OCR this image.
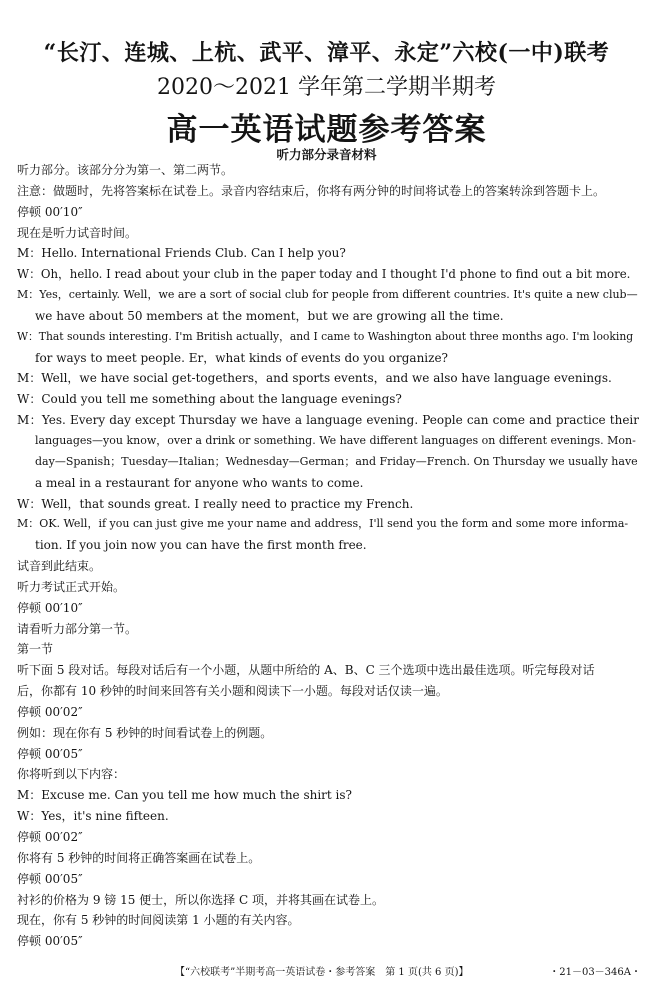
“长汀、连城、上杭、武平、漳平、永定”六校(一中)联考
2020～2021 学年第二学期半期考
高一英语试题参考答案
听力部分录音材料
听力部分。该部分分为第一、第二两节。
注意：做题时，先将答案标在试卷上。录音内容结束后，你将有两分钟的时间将试卷上的答案转涂到答题卡上。
停顿 00′10″
现在是听力试音时间。
M：Hello. International Friends Club. Can I help you?
W：Oh，hello. I read about your club in the paper today and I thought I'd phone to find out a bit more.
M：Yes，certainly. Well，we are a sort of social club for people from different countries. It's quite a new club—
we have about 50 members at the moment，but we are growing all the time.
W：That sounds interesting. I'm British actually，and I came to Washington about three months ago. I'm looking
for ways to meet people. Er，what kinds of events do you organize?
M：Well，we have social get-togethers，and sports events，and we also have language evenings.
W：Could you tell me something about the language evenings?
M：Yes. Every day except Thursday we have a language evening. People can come and practice their
languages—you know，over a drink or something. We have different languages on different evenings. Mon-
day—Spanish；Tuesday—Italian；Wednesday—German；and Friday—French. On Thursday we usually have
a meal in a restaurant for anyone who wants to come.
W：Well，that sounds great. I really need to practice my French.
M：OK. Well，if you can just give me your name and address，I'll send you the form and some more informa-
tion. If you join now you can have the first month free.
试音到此结束。
听力考试正式开始。
停顿 00′10″
请看听力部分第一节。
第一节
听下面 5 段对话。每段对话后有一个小题，从题中所给的 A、B、C 三个选项中选出最佳选项。听完每段对话
后，你都有 10 秒钟的时间来回答有关小题和阅读下一小题。每段对话仅读一遍。
停顿 00′02″
例如：现在你有 5 秒钟的时间看试卷上的例题。
停顿 00′05″
你将听到以下内容：
M：Excuse me. Can you tell me how much the shirt is?
W：Yes，it's nine fifteen.
停顿 00′02″
你将有 5 秒钟的时间将正确答案画在试卷上。
停顿 00′05″
衬衫的价格为 9 镑 15 便士，所以你选择 C 项，并将其画在试卷上。
现在，你有 5 秒钟的时间阅读第 1 小题的有关内容。
停顿 00′05″
【“六校联考”半期考高一英语试卷・参考答案　第 1 页(共 6 页)】	・21－03－346A・
